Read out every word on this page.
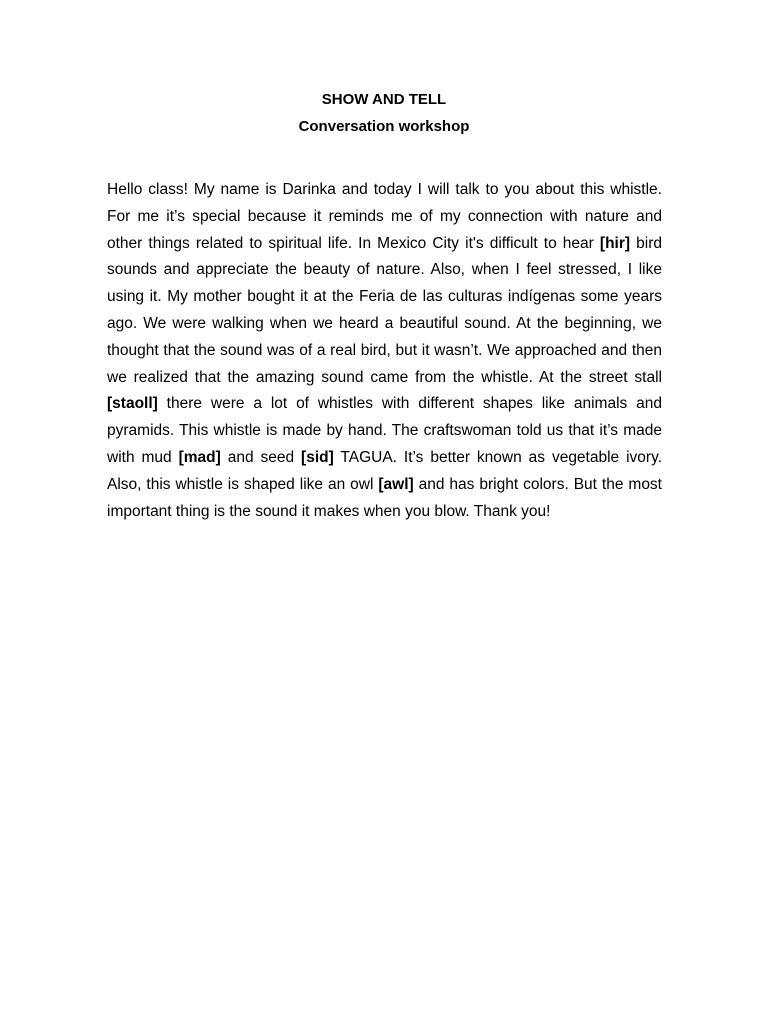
SHOW AND TELL
Conversation workshop

Hello class! My name is Darinka and today I will talk to you about this whistle. For me it’s special because it reminds me of my connection with nature and other things related to spiritual life. In Mexico City it's difficult to hear [hir] bird sounds and appreciate the beauty of nature. Also, when I feel stressed, I like using it. My mother bought it at the Feria de las culturas indígenas some years ago. We were walking when we heard a beautiful sound. At the beginning, we thought that the sound was of a real bird, but it wasn’t. We approached and then we realized that the amazing sound came from the whistle. At the street stall [staoll] there were a lot of whistles with different shapes like animals and pyramids. This whistle is made by hand. The craftswoman told us that it’s made with mud [mad] and seed [sid] TAGUA. It’s better known as vegetable ivory. Also, this whistle is shaped like an owl [awl] and has bright colors. But the most important thing is the sound it makes when you blow. Thank you!
